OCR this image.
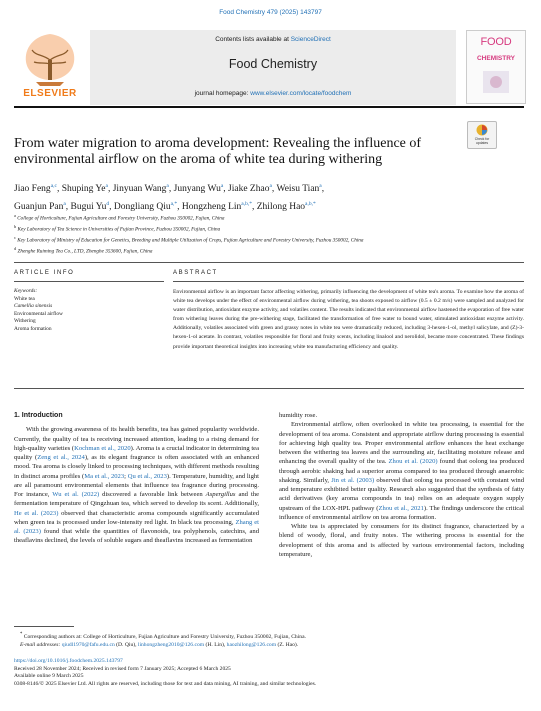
Food Chemistry 479 (2025) 143797
ELSEVIER
Contents lists available at ScienceDirect
Food Chemistry
journal homepage: www.elsevier.com/locate/foodchem
FOOD
CHEMISTRY
From water migration to aroma development: Revealing the influence of environmental airflow on the aroma of white tea during withering
Check for
updates
Jiao Feng$^{a,c}$, Shuping Ye$^a$, Jinyuan Wang$^a$, Junyang Wu$^a$, Jiake Zhao$^a$, Weisu Tian$^a$,
Guanjun Pan$^a$, Bugui Yu$^d$, Dongliang Qiu$^{a,*}$, Hongzheng Lin$^{a,b,*}$, Zhilong Hao$^{a,b,*}$
$^a$ College of Horticulture, Fujian Agriculture and Forestry University, Fuzhou 350002, Fujian, China
$^b$ Key Laboratory of Tea Science in Universities of Fujian Province, Fuzhou 350002, Fujian, China
$^c$ Key Laboratory of Ministry of Education for Genetics, Breeding and Multiple Utilization of Crops, Fujian Agriculture and Forestry University, Fuzhou 350002, China
$^d$ Zhenghe Ruiming Tea Co., LTD, Zhenghe 353600, Fujian, China
ARTICLE INFO	ABSTRACT
Keywords:
White tea
Camellia sinensis
Environmental airflow
Withering
Aroma formation
Environmental airflow is an important factor affecting withering, primarily influencing the development of white tea's aroma. To examine how the aroma of white tea develops under the effect of environmental airflow during withering, tea shoots exposed to airflow (0.5 ± 0.2 m/s) were sampled and analyzed for water distribution, antioxidant enzyme activity, and volatiles content. The results indicated that environmental airflow hastened the evaporation of free water from withering leaves during the pre-withering stage, facilitated the transformation of free water to bound water, stimulated antioxidant enzyme activity. Additionally, volatiles associated with green and grassy notes in white tea were dramatically reduced, including 3-hexen-1-ol, methyl salicylate, and (Z)-3-hexen-1-ol acetate. In contrast, volatiles responsible for floral and fruity scents, including linalool and nerolidol, became more concentrated. These findings provide important theoretical insights into increasing white tea manufacturing efficiency and quality.
1. Introduction

With the growing awareness of its health benefits, tea has gained popularity worldwide. Currently, the quality of tea is receiving increased attention, leading to a rising demand for high-quality varieties (Kochman et al., 2020). Aroma is a crucial indicator in determining tea quality (Zeng et al., 2024), as its elegant fragrance is often associated with an enhanced mood. Tea aroma is closely linked to processing techniques, with different methods resulting in distinct aroma profiles (Ma et al., 2023; Qu et al., 2023). Temperature, humidity, and light are all paramount environmental elements that influence tea fragrance during processing. For instance, Wu et al. (2022) discovered a favorable link between Aspergillus and the fermentation temperature of Qingzhuan tea, which served to develop its scent. Additionally, He et al. (2023) observed that characteristic aroma compounds significantly accumulated when green tea is processed under low-intensity red light. In black tea processing, Zhang et al. (2023) found that while the quantities of flavonoids, tea polyphenols, catechins, and theaflavins declined, the levels of soluble sugars and theaflavins increased as fermentation

humidity rose.

Environmental airflow, often overlooked in white tea processing, is essential for the development of tea aroma. Consistent and appropriate airflow during processing is essential for achieving high quality tea. Proper environmental airflow enhances the heat exchange between the withering tea leaves and the surrounding air, facilitating moisture release and enhancing the overall quality of the tea. Zhou et al. (2020) found that oolong tea produced through aerobic shaking had a superior aroma compared to tea produced through anaerobic shaking. Similarly, Jin et al. (2003) observed that oolong tea processed with constant wind and temperature exhibited better quality. Research also suggested that the synthesis of fatty acid derivatives (key aroma compounds in tea) relies on an adequate oxygen supply upstream of the LOX-HPL pathway (Zhou et al., 2021). The findings underscore the critical influence of environmental airflow on tea aroma formation.

White tea is appreciated by consumers for its distinct fragrance, characterized by a blend of woody, floral, and fruity notes. The withering process is essential for the development of this aroma and is affected by various environmental factors, including temperature,

* Corresponding authors at: College of Horticulture, Fujian Agriculture and Forestry University, Fuzhou 350002, Fujian, China.
E-mail addresses: qiudl1970@fafu.edu.cn (D. Qiu), linhongzheng2010@126.com (H. Lin), haozhilong@126.com (Z. Hao).
https://doi.org/10.1016/j.foodchem.2025.143797
Received 28 November 2024; Received in revised form 7 January 2025; Accepted 6 March 2025
Available online 9 March 2025
0308-8146/© 2025 Elsevier Ltd. All rights are reserved, including those for text and data mining, AI training, and similar technologies.
